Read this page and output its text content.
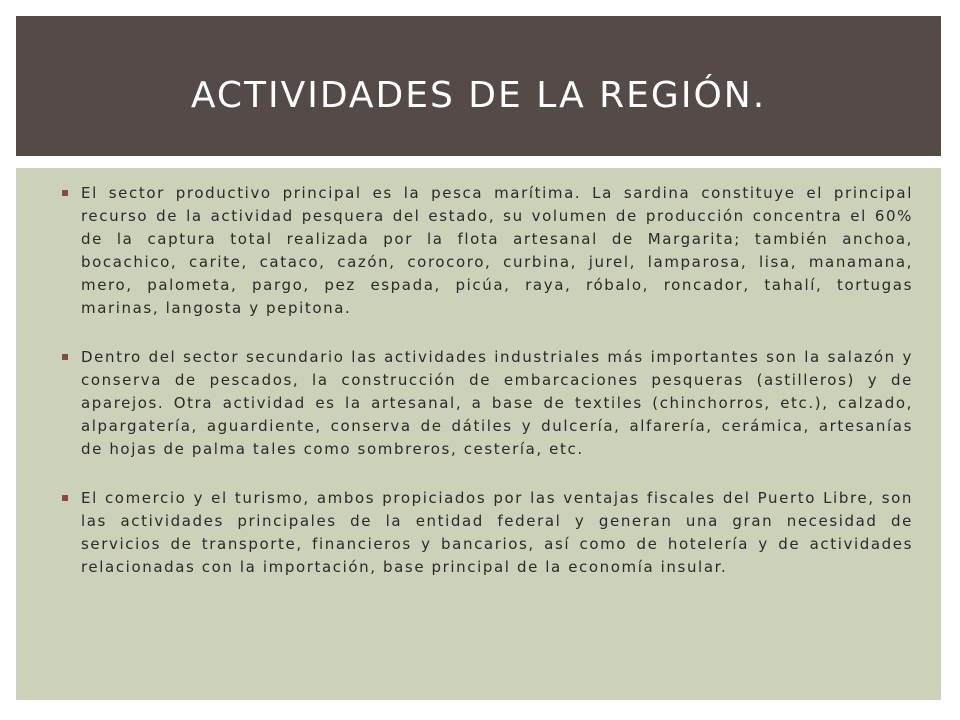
ACTIVIDADES DE LA REGIÓN.
El sector productivo principal es la pesca marítima. La sardina constituye el principal recurso de la actividad pesquera del estado, su volumen de producción concentra el 60% de la captura total realizada por la flota artesanal de Margarita; también anchoa, bocachico, carite, cataco, cazón, corocoro, curbina, jurel, lamparosa, lisa, manamana, mero, palometa, pargo, pez espada, picúa, raya, róbalo, roncador, tahalí, tortugas marinas, langosta y pepitona.
Dentro del sector secundario las actividades industriales más importantes son la salazón y conserva de pescados, la construcción de embarcaciones pesqueras (astilleros) y de aparejos. Otra actividad es la artesanal, a base de textiles (chinchorros, etc.), calzado, alpargatería, aguardiente, conserva de dátiles y dulcería, alfarería, cerámica, artesanías de hojas de palma tales como sombreros, cestería, etc.
El comercio y el turismo, ambos propiciados por las ventajas fiscales del Puerto Libre, son las actividades principales de la entidad federal y generan una gran necesidad de servicios de transporte, financieros y bancarios, así como de hotelería y de actividades relacionadas con la importación, base principal de la economía insular.
